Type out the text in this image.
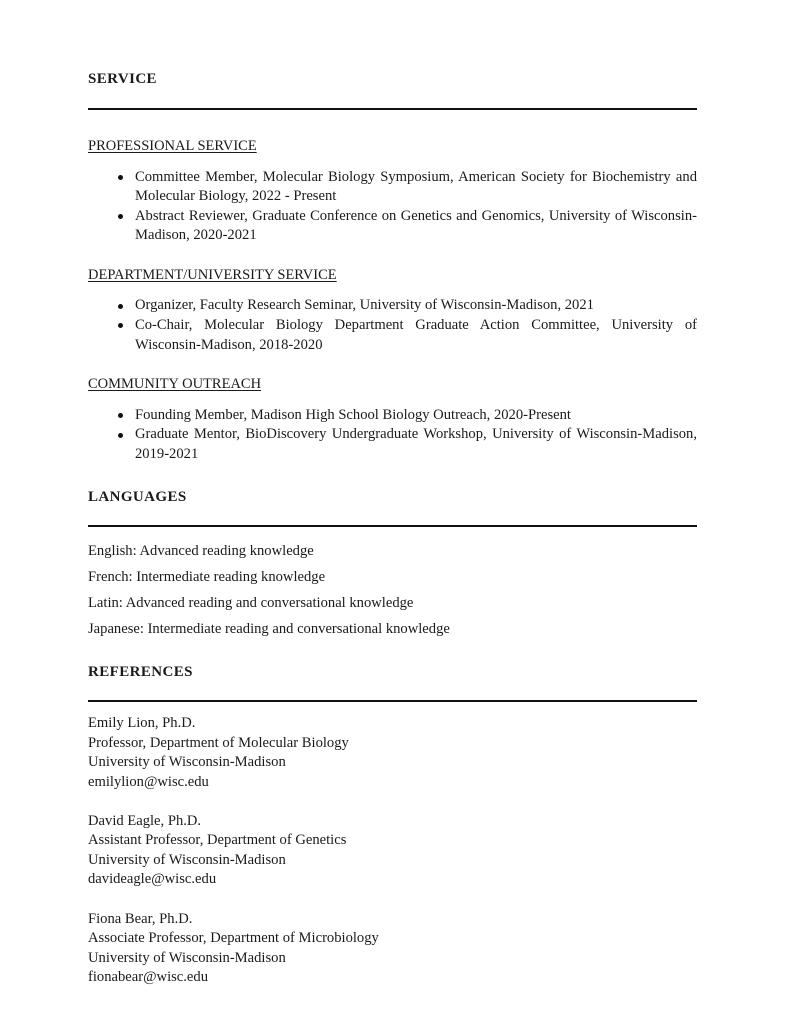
SERVICE
PROFESSIONAL SERVICE
Committee Member, Molecular Biology Symposium, American Society for Biochemistry and Molecular Biology, 2022 - Present
Abstract Reviewer, Graduate Conference on Genetics and Genomics, University of Wisconsin-Madison, 2020-2021
DEPARTMENT/UNIVERSITY SERVICE
Organizer, Faculty Research Seminar, University of Wisconsin-Madison, 2021
Co-Chair, Molecular Biology Department Graduate Action Committee, University of Wisconsin-Madison, 2018-2020
COMMUNITY OUTREACH
Founding Member, Madison High School Biology Outreach, 2020-Present
Graduate Mentor, BioDiscovery Undergraduate Workshop, University of Wisconsin-Madison, 2019-2021
LANGUAGES
English: Advanced reading knowledge
French: Intermediate reading knowledge
Latin: Advanced reading and conversational knowledge
Japanese: Intermediate reading and conversational knowledge
REFERENCES
Emily Lion, Ph.D.
Professor, Department of Molecular Biology
University of Wisconsin-Madison
emilylion@wisc.edu
David Eagle, Ph.D.
Assistant Professor, Department of Genetics
University of Wisconsin-Madison
davideagle@wisc.edu
Fiona Bear, Ph.D.
Associate Professor, Department of Microbiology
University of Wisconsin-Madison
fionabear@wisc.edu
